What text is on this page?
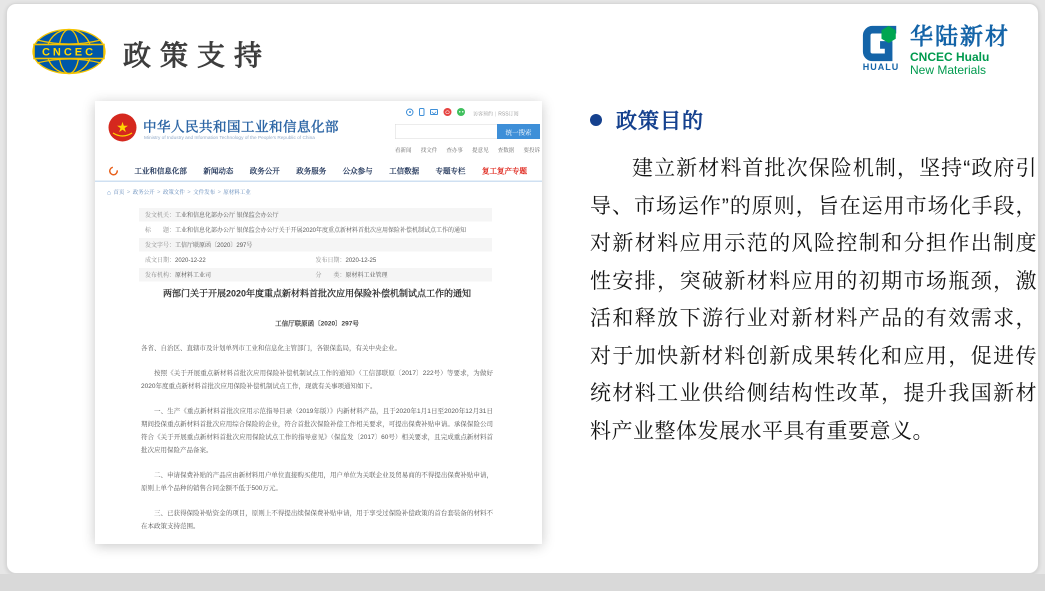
CNCEC 政策支持	HUALU
华陆新材
CNCEC Hualu
New Materials
★ 中华人民共和国工业和信息化部
Ministry of Industry and Information Technology of the People's Republic of China
访客预约 | RSS订阅
统一搜索
看新闻 找文件 查办事 提意见 查数据 要投诉
工业和信息化部 新闻动态 政务公开 政务服务 公众参与 工信数据 专题专栏 复工复产专题
⌂ 首页 > 政务公开 > 政策文件 > 文件发布 > 原材料工业
发文机关： 工业和信息化部办公厅 银保监会办公厅
标　　题： 工业和信息化部办公厅 银保监会办公厅关于开展2020年度重点新材料首批次应用保险补偿机制试点工作的通知
发文字号： 工信厅联原函〔2020〕297号
成文日期： 2020-12-22	发布日期： 2020-12-25
发布机构： 原材料工业司	分　　类： 原材料工业管理
两部门关于开展2020年度重点新材料首批次应用保险补偿机制试点工作的通知
工信厅联原函〔2020〕297号

各省、自治区、直辖市及计划单列市工业和信息化主管部门，各银保监局，有关中央企业。

按照《关于开展重点新材料首批次应用保险补偿机制试点工作的通知》（工信部联原〔2017〕222号）等要求，为做好2020年度重点新材料首批次应用保险补偿机制试点工作，现就有关事项通知如下。

一、生产《重点新材料首批次应用示范指导目录（2019年版）》内新材料产品，且于2020年1月1日至2020年12月31日期间投保重点新材料首批次应用综合保险的企业，符合首批次保险补偿工作相关要求，可提出保费补贴申请。承保保险公司符合《关于开展重点新材料首批次应用保险试点工作的指导意见》（保监发〔2017〕60号）相关要求，且完成重点新材料首批次应用保险产品备案。

二、申请保费补贴的产品应由新材料用户单位直接购买使用，用户单位为关联企业及贸易商的不得提出保费补贴申请，原则上单个品种的销售合同金额不低于500万元。

三、已获得保险补贴资金的项目，原则上不得提出续保保费补贴申请，用于享受过保险补偿政策的首台套装备的材料不在本政策支持范围。

政策目的
建立新材料首批次保险机制，坚持“政府引导、市场运作”的原则，旨在运用市场化手段，对新材料应用示范的风险控制和分担作出制度性安排，突破新材料应用的初期市场瓶颈，激活和释放下游行业对新材料产品的有效需求，对于加快新材料创新成果转化和应用，促进传统材料工业供给侧结构性改革，提升我国新材料产业整体发展水平具有重要意义。
